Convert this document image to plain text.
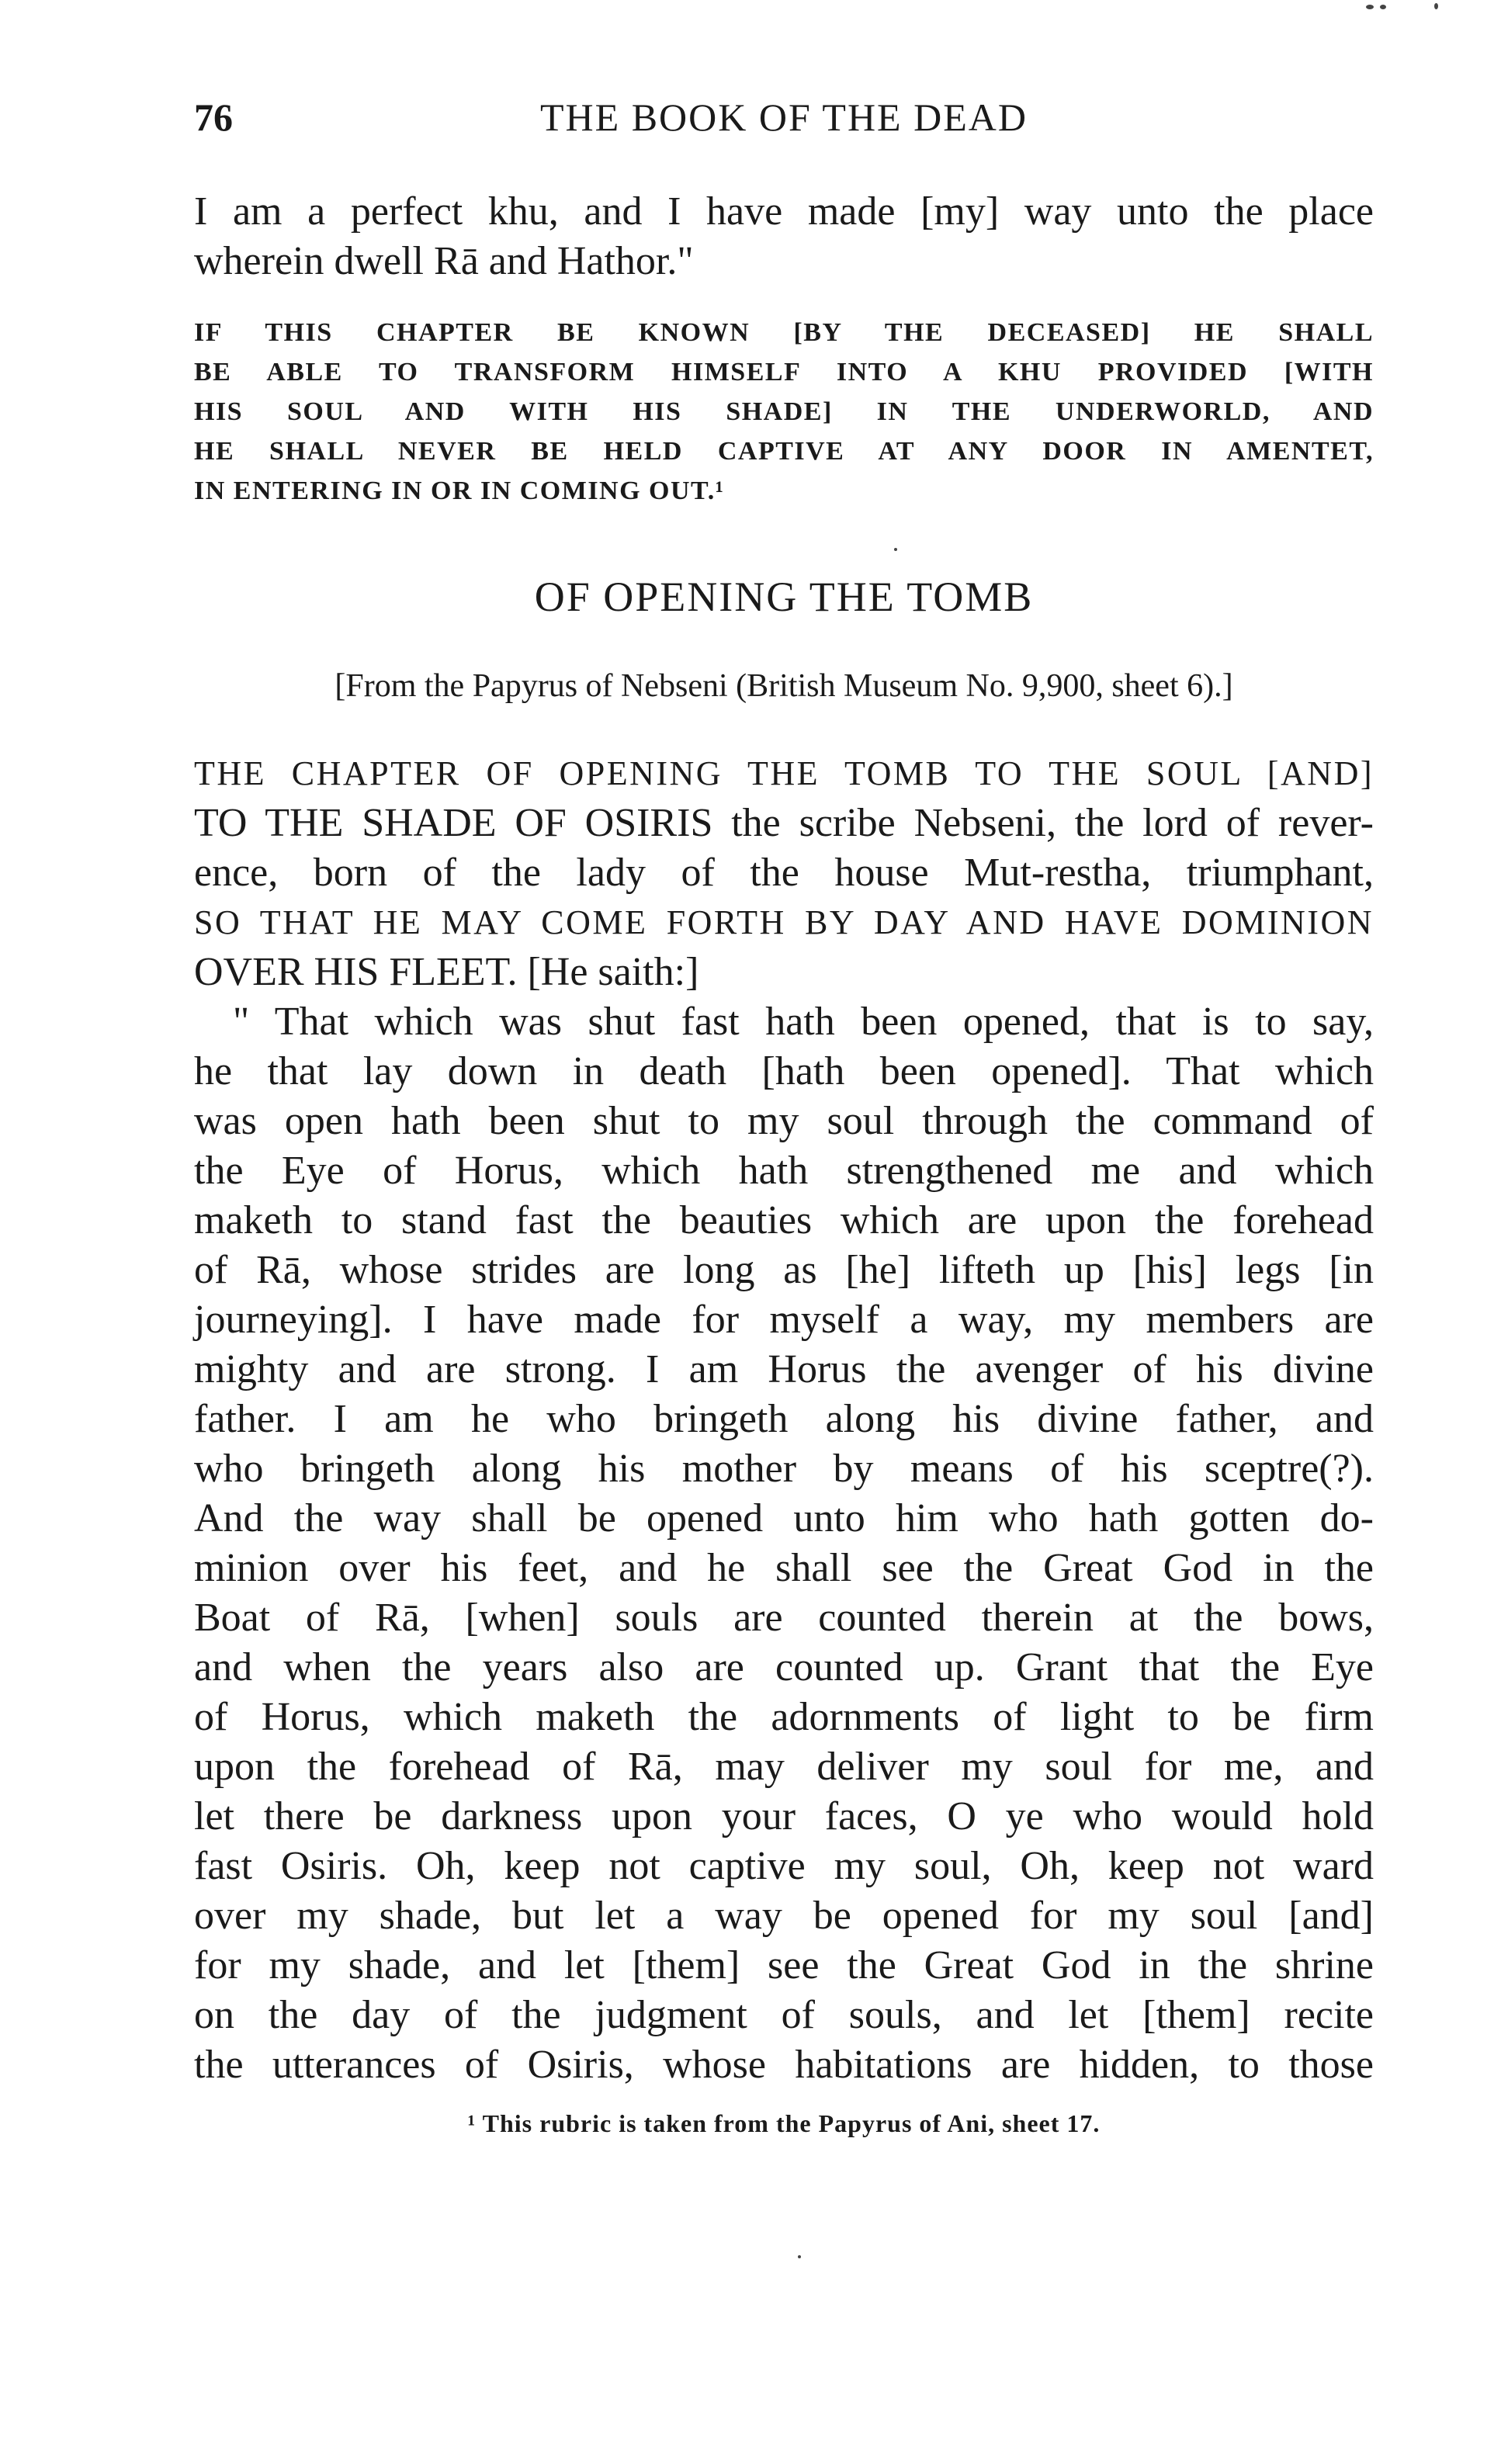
76	THE BOOK OF THE DEAD
I am a perfect khu, and I have made [my] way unto the place
wherein dwell Rā and Hathor."
IF THIS CHAPTER BE KNOWN [BY THE DECEASED] HE SHALL
BE ABLE TO TRANSFORM HIMSELF INTO A KHU PROVIDED [WITH
HIS SOUL AND WITH HIS SHADE] IN THE UNDERWORLD, AND
HE SHALL NEVER BE HELD CAPTIVE AT ANY DOOR IN AMENTET,
IN ENTERING IN OR IN COMING OUT.¹
OF OPENING THE TOMB
[From the Papyrus of Nebseni (British Museum No. 9,900, sheet 6).]
THE CHAPTER OF OPENING THE TOMB TO THE SOUL [AND]
TO THE SHADE OF OSIRIS the scribe Nebseni, the lord of rever-
ence, born of the lady of the house Mut-restha, triumphant,
SO THAT HE MAY COME FORTH BY DAY AND HAVE DOMINION
OVER HIS FLEET. [He saith:]
" That which was shut fast hath been opened, that is to say,
he that lay down in death [hath been opened]. That which
was open hath been shut to my soul through the command of
the Eye of Horus, which hath strengthened me and which
maketh to stand fast the beauties which are upon the forehead
of Rā, whose strides are long as [he] lifteth up [his] legs [in
journeying]. I have made for myself a way, my members are
mighty and are strong. I am Horus the avenger of his divine
father. I am he who bringeth along his divine father, and
who bringeth along his mother by means of his sceptre(?).
And the way shall be opened unto him who hath gotten do-
minion over his feet, and he shall see the Great God in the
Boat of Rā, [when] souls are counted therein at the bows,
and when the years also are counted up. Grant that the Eye
of Horus, which maketh the adornments of light to be firm
upon the forehead of Rā, may deliver my soul for me, and
let there be darkness upon your faces, O ye who would hold
fast Osiris. Oh, keep not captive my soul, Oh, keep not ward
over my shade, but let a way be opened for my soul [and]
for my shade, and let [them] see the Great God in the shrine
on the day of the judgment of souls, and let [them] recite
the utterances of Osiris, whose habitations are hidden, to those
¹ This rubric is taken from the Papyrus of Ani, sheet 17.
